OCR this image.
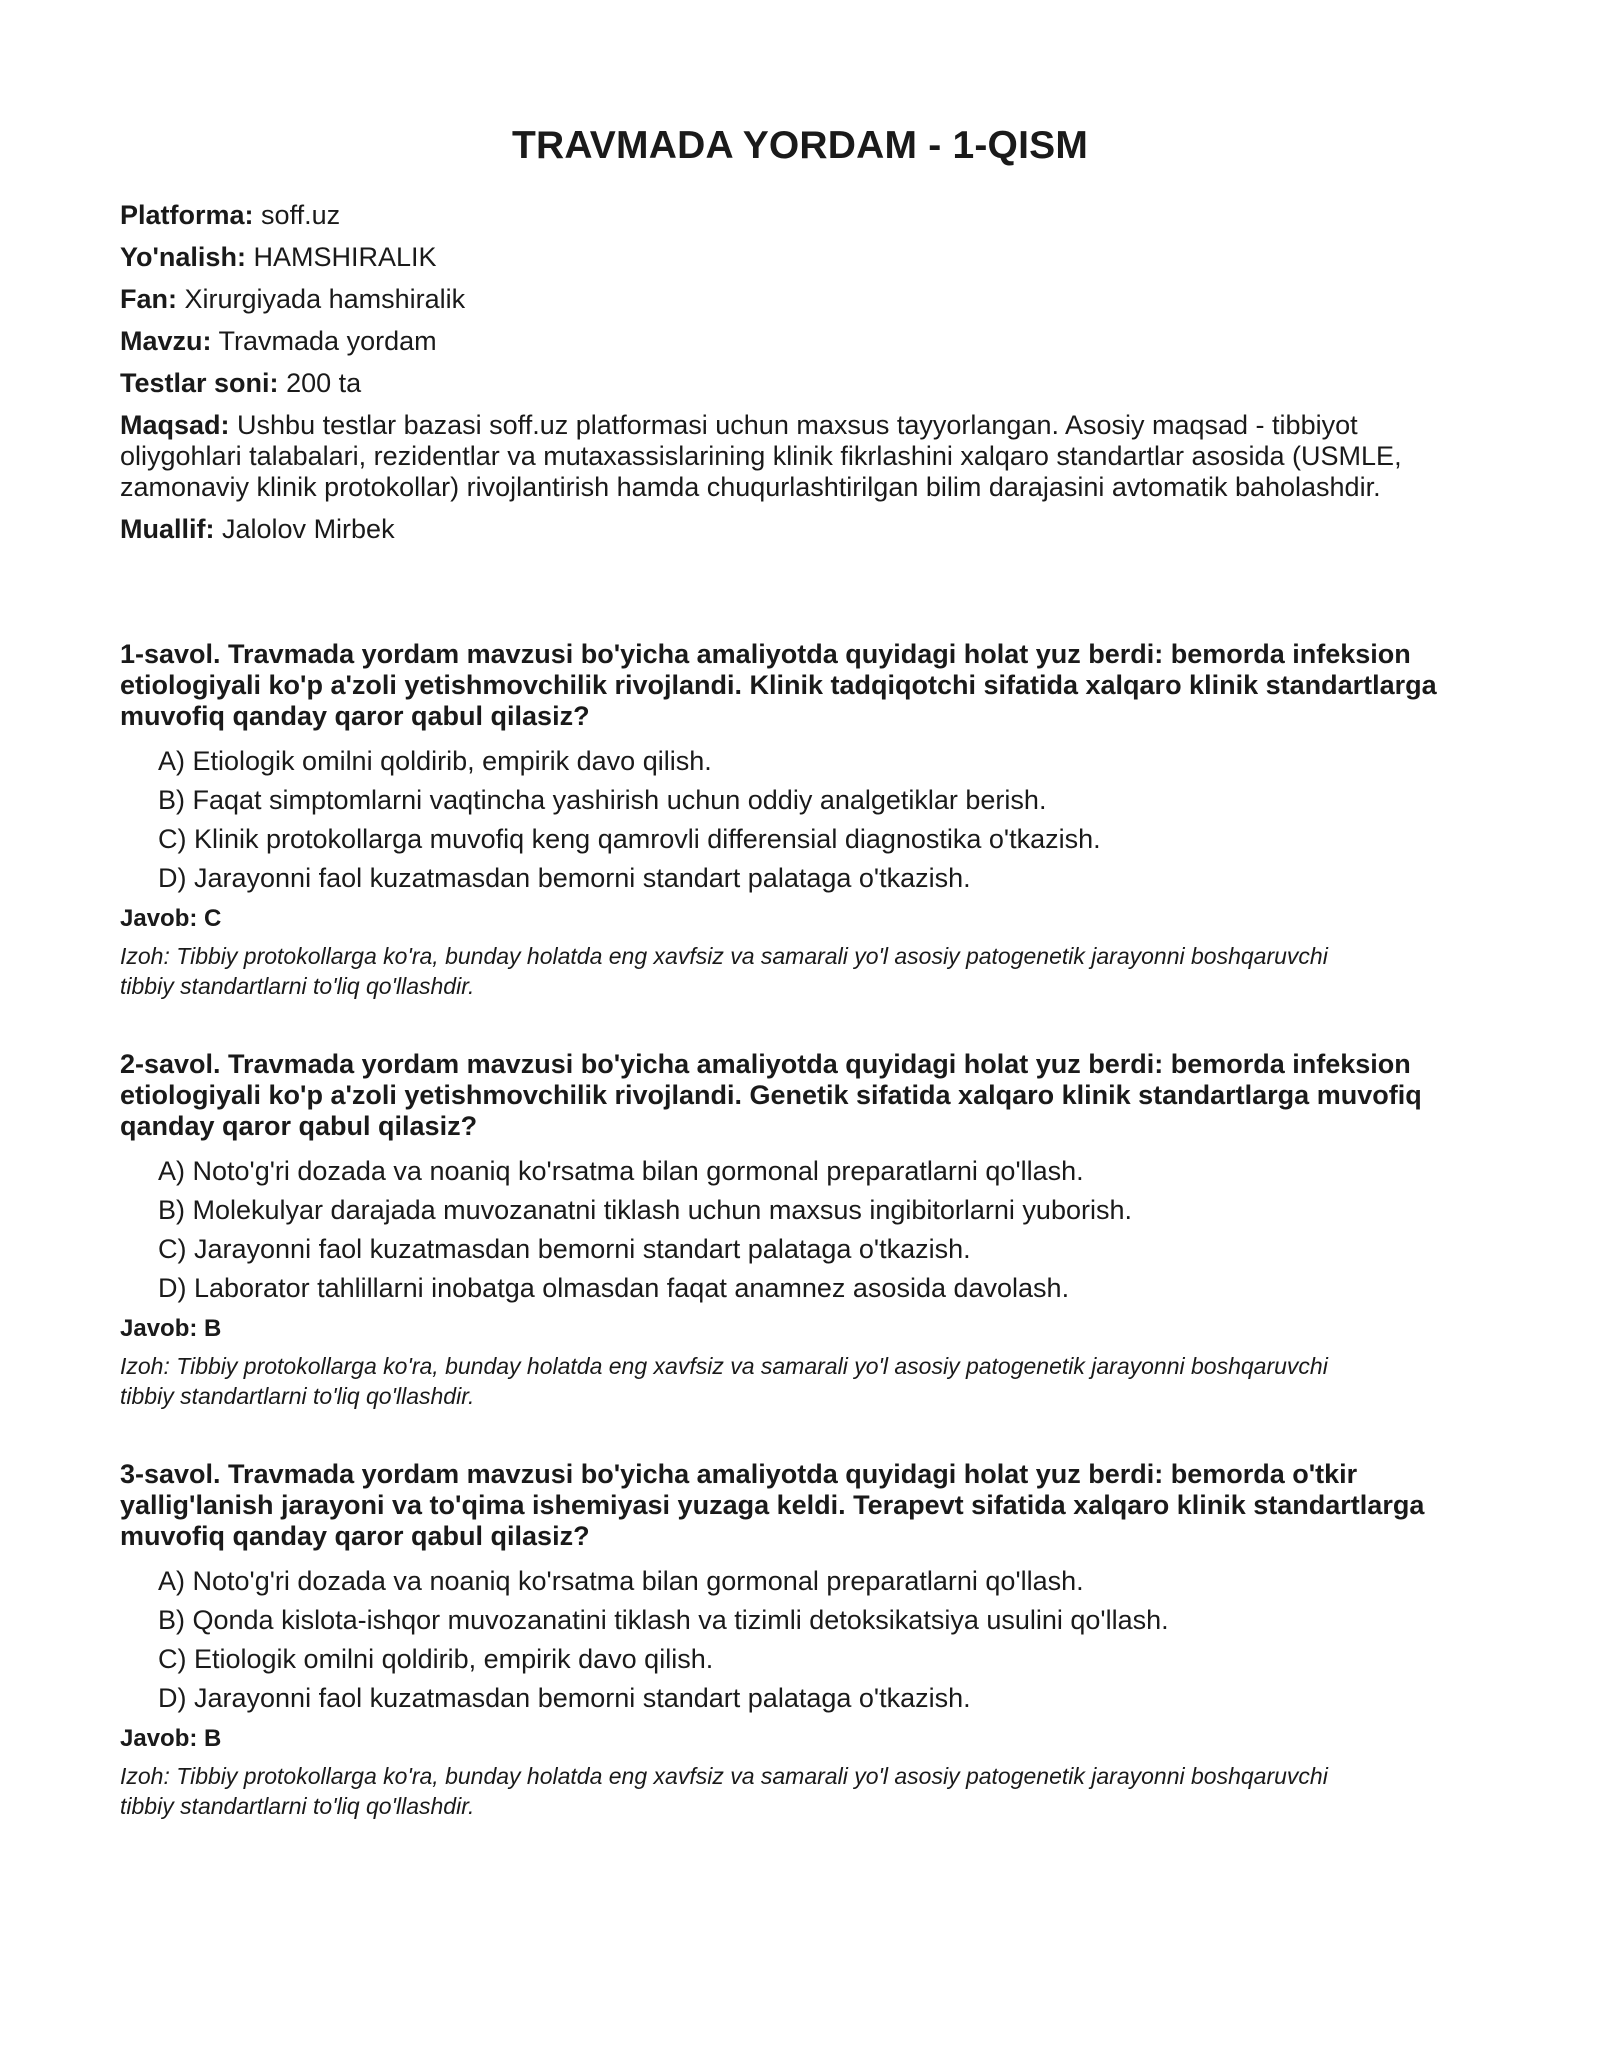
TRAVMADA YORDAM - 1-QISM
Platforma: soff.uz
Yo'nalish: HAMSHIRALIK
Fan: Xirurgiyada hamshiralik
Mavzu: Travmada yordam
Testlar soni: 200 ta
Maqsad: Ushbu testlar bazasi soff.uz platformasi uchun maxsus tayyorlangan. Asosiy maqsad - tibbiyot oliygohlari talabalari, rezidentlar va mutaxassislarining klinik fikrlashini xalqaro standartlar asosida (USMLE, zamonaviy klinik protokollar) rivojlantirish hamda chuqurlashtirilgan bilim darajasini avtomatik baholashdir.
Muallif: Jalolov Mirbek

1-savol. Travmada yordam mavzusi bo'yicha amaliyotda quyidagi holat yuz berdi: bemorda infeksion etiologiyali ko'p a'zoli yetishmovchilik rivojlandi. Klinik tadqiqotchi sifatida xalqaro klinik standartlarga muvofiq qanday qaror qabul qilasiz?

A) Etiologik omilni qoldirib, empirik davo qilish.
B) Faqat simptomlarni vaqtincha yashirish uchun oddiy analgetiklar berish.
C) Klinik protokollarga muvofiq keng qamrovli differensial diagnostika o'tkazish.
D) Jarayonni faol kuzatmasdan bemorni standart palataga o'tkazish.
Javob: C
Izoh: Tibbiy protokollarga ko'ra, bunday holatda eng xavfsiz va samarali yo'l asosiy patogenetik jarayonni boshqaruvchi tibbiy standartlarni to'liq qo'llashdir.

2-savol. Travmada yordam mavzusi bo'yicha amaliyotda quyidagi holat yuz berdi: bemorda infeksion etiologiyali ko'p a'zoli yetishmovchilik rivojlandi. Genetik sifatida xalqaro klinik standartlarga muvofiq qanday qaror qabul qilasiz?

A) Noto'g'ri dozada va noaniq ko'rsatma bilan gormonal preparatlarni qo'llash.
B) Molekulyar darajada muvozanatni tiklash uchun maxsus ingibitorlarni yuborish.
C) Jarayonni faol kuzatmasdan bemorni standart palataga o'tkazish.
D) Laborator tahlillarni inobatga olmasdan faqat anamnez asosida davolash.
Javob: B
Izoh: Tibbiy protokollarga ko'ra, bunday holatda eng xavfsiz va samarali yo'l asosiy patogenetik jarayonni boshqaruvchi tibbiy standartlarni to'liq qo'llashdir.

3-savol. Travmada yordam mavzusi bo'yicha amaliyotda quyidagi holat yuz berdi: bemorda o'tkir yallig'lanish jarayoni va to'qima ishemiyasi yuzaga keldi. Terapevt sifatida xalqaro klinik standartlarga muvofiq qanday qaror qabul qilasiz?

A) Noto'g'ri dozada va noaniq ko'rsatma bilan gormonal preparatlarni qo'llash.
B) Qonda kislota-ishqor muvozanatini tiklash va tizimli detoksikatsiya usulini qo'llash.
C) Etiologik omilni qoldirib, empirik davo qilish.
D) Jarayonni faol kuzatmasdan bemorni standart palataga o'tkazish.
Javob: B
Izoh: Tibbiy protokollarga ko'ra, bunday holatda eng xavfsiz va samarali yo'l asosiy patogenetik jarayonni boshqaruvchi tibbiy standartlarni to'liq qo'llashdir.
